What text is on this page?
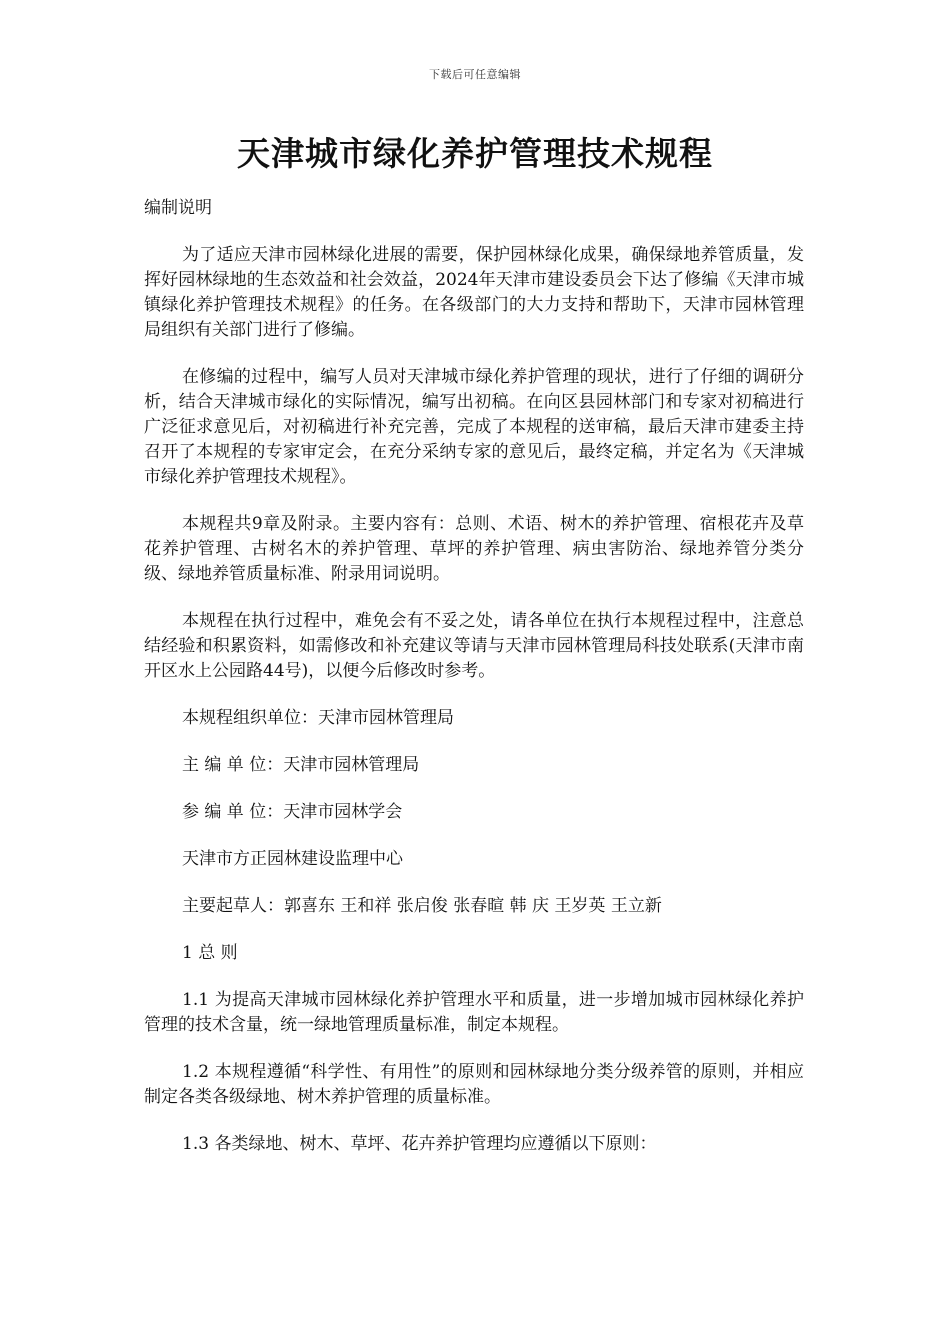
下载后可任意编辑
天津城市绿化养护管理技术规程

编制说明

为了适应天津市园林绿化进展的需要，保护园林绿化成果，确保绿地养管质量，发挥好园林绿地的生态效益和社会效益，2024年天津市建设委员会下达了修编《天津市城镇绿化养护管理技术规程》的任务。在各级部门的大力支持和帮助下，天津市园林管理局组织有关部门进行了修编。

在修编的过程中，编写人员对天津城市绿化养护管理的现状，进行了仔细的调研分析，结合天津城市绿化的实际情况，编写出初稿。在向区县园林部门和专家对初稿进行广泛征求意见后，对初稿进行补充完善，完成了本规程的送审稿，最后天津市建委主持召开了本规程的专家审定会，在充分采纳专家的意见后，最终定稿，并定名为《天津城市绿化养护管理技术规程》。

本规程共9章及附录。主要内容有：总则、术语、树木的养护管理、宿根花卉及草花养护管理、古树名木的养护管理、草坪的养护管理、病虫害防治、绿地养管分类分级、绿地养管质量标准、附录用词说明。

本规程在执行过程中，难免会有不妥之处，请各单位在执行本规程过程中，注意总结经验和积累资料，如需修改和补充建议等请与天津市园林管理局科技处联系(天津市南开区水上公园路44号)，以便今后修改时参考。

本规程组织单位：天津市园林管理局

主 编 单 位：天津市园林管理局

参 编 单 位：天津市园林学会

天津市方正园林建设监理中心

主要起草人：郭喜东 王和祥 张启俊 张春暄 韩 庆 王岁英 王立新

1 总 则

1.1 为提高天津城市园林绿化养护管理水平和质量，进一步增加城市园林绿化养护管理的技术含量，统一绿地管理质量标准，制定本规程。

1.2 本规程遵循“科学性、有用性”的原则和园林绿地分类分级养管的原则，并相应制定各类各级绿地、树木养护管理的质量标准。

1.3 各类绿地、树木、草坪、花卉养护管理均应遵循以下原则：
